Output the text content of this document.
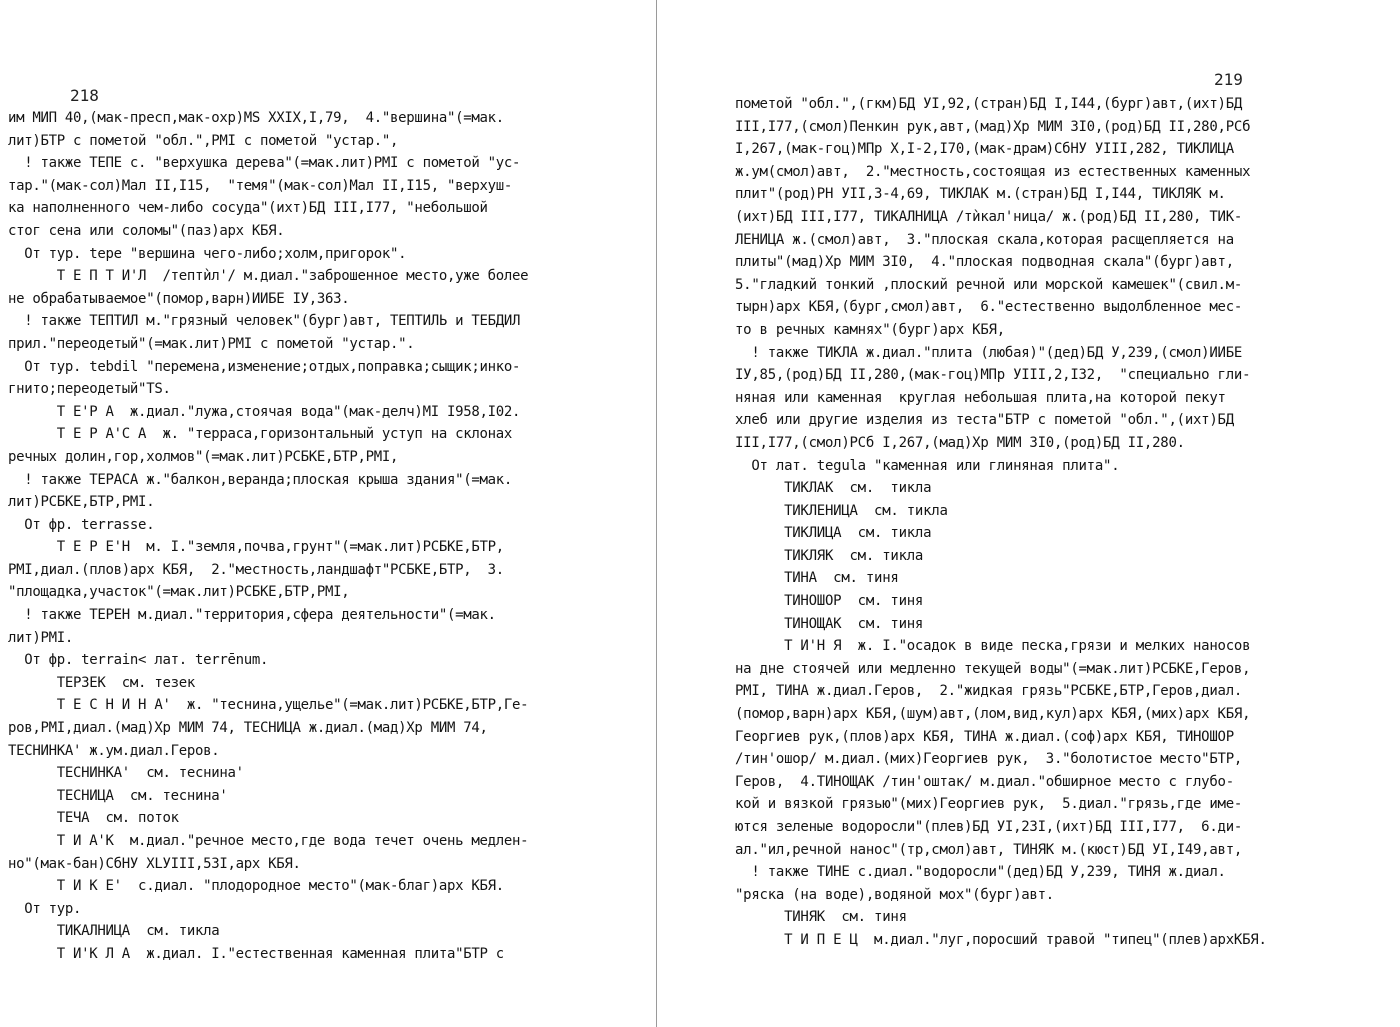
218
им МИП 40,(мак-пресп,мак-охр)MS XXIX,I,79,  4."вершина"(=мак.
лит)БТР с пометой "обл.",РМI с пометой "устар.",
! также ТЕПЕ с. "верхушка дерева"(=мак.лит)РМI с пометой "ус-
тар."(мак-сол)Мал II,I15,  "темя"(мак-сол)Мал II,I15, "верхуш-
ка наполненного чем-либо сосуда"(ихт)БД III,I77, "небольшой
стог сена или соломы"(паз)арх КБЯ.
От тур. tepe "вершина чего-либо;холм,пригорок".
Т Е П Т И'Л  /тептѝл'/ м.диал."заброшенное место,уже более
не обрабатываемое"(помор,варн)ИИБЕ IУ,363.
! также ТЕПТИЛ м."грязный человек"(бург)авт, ТЕПТИЛЬ и ТЕБДИЛ
прил."переодетый"(=мак.лит)РМI с пометой "устар.".
От тур. tebdil "перемена,изменение;отдых,поправка;сыщик;инко-
гнито;переодетый"TS.
Т Е'Р А  ж.диал."лужа,стоячая вода"(мак-делч)МI I958,I02.
Т Е Р А'С А  ж. "терраса,горизонтальный уступ на склонах
речных долин,гор,холмов"(=мак.лит)РСБКЕ,БТР,РМI,
! также ТЕРАСА ж."балкон,веранда;плоская крыша здания"(=мак.
лит)РСБКЕ,БТР,РМI.
От фр. terrasse.
Т Е Р Е'Н  м. I."земля,почва,грунт"(=мак.лит)РСБКЕ,БТР,
РМI,диал.(плов)арх КБЯ,  2."местность,ландшафт"РСБКЕ,БТР,  3.
"площадка,участок"(=мак.лит)РСБКЕ,БТР,РМI,
! также ТЕРЕН м.диал."территория,сфера деятельности"(=мак.
лит)РМI.
От фр. terrain< лат. terrēnum.
ТЕРЗЕК  см. тезек
Т Е С Н И Н А'  ж. "теснина,ущелье"(=мак.лит)РСБКЕ,БТР,Ге-
ров,РМI,диал.(мад)Хр МИМ 74, ТЕСНИЦА ж.диал.(мад)Хр МИМ 74,
ТЕСНИНКА' ж.ум.диал.Геров.
ТЕСНИНКА'  см. теснина'
ТЕСНИЦА  см. теснина'
ТЕЧА  см. поток
Т И А'К  м.диал."речное место,где вода течет очень медлен-
но"(мак-бан)СбНУ ХLУIII,53I,арх КБЯ.
Т И К Е'  с.диал. "плодородное место"(мак-благ)арх КБЯ.
От тур.
ТИКАЛНИЦА  см. тикла
Т И'К Л А  ж.диал. I."естественная каменная плита"БТР с
219
пометой "обл.",(гкм)БД УI,92,(стран)БД I,I44,(бург)авт,(ихт)БД
III,I77,(смол)Пенкин рук,авт,(мад)Хр МИМ 3I0,(род)БД II,280,РСб
I,267,(мак-гоц)МПр Х,I-2,I70,(мак-драм)СбНУ УIII,282, ТИКЛИЦА
ж.ум(смол)авт,  2."местность,состоящая из естественных каменных
плит"(род)РН УII,3-4,69, ТИКЛАК м.(стран)БД I,I44, ТИКЛЯК м.
(ихт)БД III,I77, ТИКАЛНИЦА /тѝкал'ница/ ж.(род)БД II,280, ТИК-
ЛЕНИЦА ж.(смол)авт,  3."плоская скала,которая расщепляется на
плиты"(мад)Хр МИМ 3I0,  4."плоская подводная скала"(бург)авт,
5."гладкий тонкий ,плоский речной или морской камешек"(свил.м-
тырн)арх КБЯ,(бург,смол)авт,  6."естественно выдолбленное мес-
то в речных камнях"(бург)арх КБЯ,
! также ТИКЛА ж.диал."плита (любая)"(дед)БД У,239,(смол)ИИБЕ
IУ,85,(род)БД II,280,(мак-гоц)МПр УIII,2,I32,  "специально гли-
няная или каменная  круглая небольшая плита,на которой пекут
хлеб или другие изделия из теста"БТР с пометой "обл.",(ихт)БД
III,I77,(смол)РСб I,267,(мад)Хр МИМ 3I0,(род)БД II,280.
От лат. tegula "каменная или глиняная плита".
ТИКЛАК  см.  тикла
ТИКЛЕНИЦА  см. тикла
ТИКЛИЦА  см. тикла
ТИКЛЯК  см. тикла
ТИНА  см. тиня
ТИНОШОР  см. тиня
ТИНОЩАК  см. тиня
Т И'Н Я  ж. I."осадок в виде песка,грязи и мелких наносов
на дне стоячей или медленно текущей воды"(=мак.лит)РСБКЕ,Геров,
РМI, ТИНА ж.диал.Геров,  2."жидкая грязь"РСБКЕ,БТР,Геров,диал.
(помор,варн)арх КБЯ,(шум)авт,(лом,вид,кул)арх КБЯ,(мих)арх КБЯ,
Георгиев рук,(плов)арх КБЯ, ТИНА ж.диал.(соф)арх КБЯ, ТИНОШОР
/тин'ошор/ м.диал.(мих)Георгиев рук,  3."болотистое место"БТР,
Геров,  4.ТИНОЩАК /тин'оштак/ м.диал."обширное место с глубо-
кой и вязкой грязью"(мих)Георгиев рук,  5.диал."грязь,где име-
ются зеленые водоросли"(плев)БД УI,23I,(ихт)БД III,I77,  6.ди-
ал."ил,речной нанос"(тр,смол)авт, ТИНЯК м.(кюст)БД УI,I49,авт,
! также ТИНЕ с.диал."водоросли"(дед)БД У,239, ТИНЯ ж.диал.
"ряска (на воде),водяной мох"(бург)авт.
ТИНЯК  см. тиня
Т И П Е Ц  м.диал."луг,поросший травой "типец"(плев)архКБЯ.
